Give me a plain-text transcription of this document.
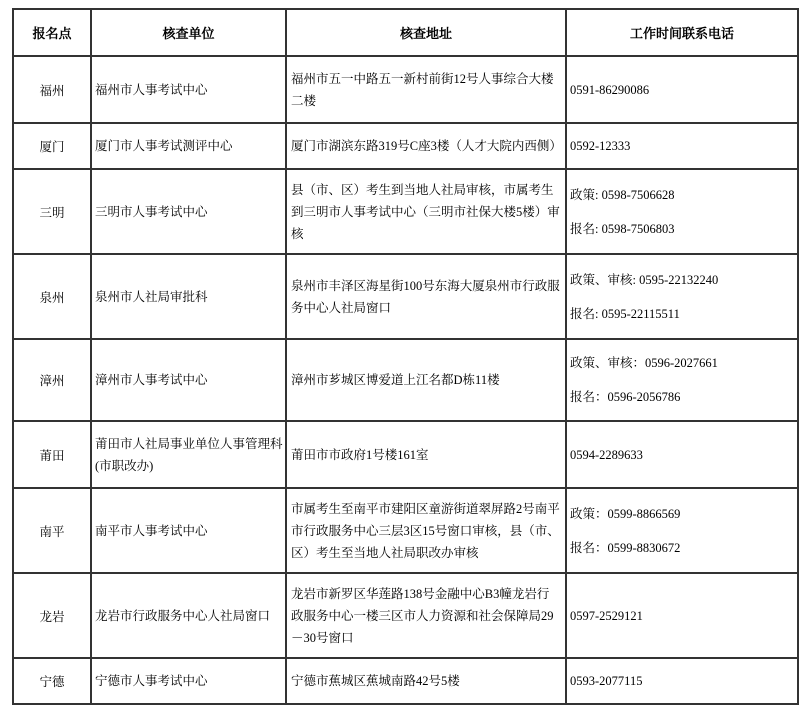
报名点	核查单位	核查地址	工作时间联系电话
福州	福州市人事考试中心	福州市五一中路五一新村前街12号人事综合大楼二楼	0591-86290086

厦门	厦门市人事考试测评中心	厦门市湖滨东路319号C座3楼（人才大院内西侧）	0592-12333

三明	三明市人事考试中心	县（市、区）考生到当地人社局审核，市属考生到三明市人事考试中心（三明市社保大楼5楼）审核	政策: 0598-7506628
报名: 0598-7506803

泉州	泉州市人社局审批科	泉州市丰泽区海星街100号东海大厦泉州市行政服务中心人社局窗口	政策、审核: 0595-22132240
报名: 0595-22115511

漳州	漳州市人事考试中心	漳州市芗城区博爱道上江名都D栋11楼	政策、审核：0596-2027661
报名：0596-2056786

莆田	莆田市人社局事业单位人事管理科(市职改办)	莆田市市政府1号楼161室	0594-2289633

南平	南平市人事考试中心	市属考生至南平市建阳区童游街道翠屏路2号南平市行政服务中心三层3区15号窗口审核，县（市、区）考生至当地人社局职改办审核	政策：0599-8866569
报名：0599-8830672

龙岩	龙岩市行政服务中心人社局窗口	龙岩市新罗区华莲路138号金融中心B3幢龙岩行政服务中心一楼三区市人力资源和社会保障局29－30号窗口	0597-2529121

宁德	宁德市人事考试中心	宁德市蕉城区蕉城南路42号5楼	0593-2077115
